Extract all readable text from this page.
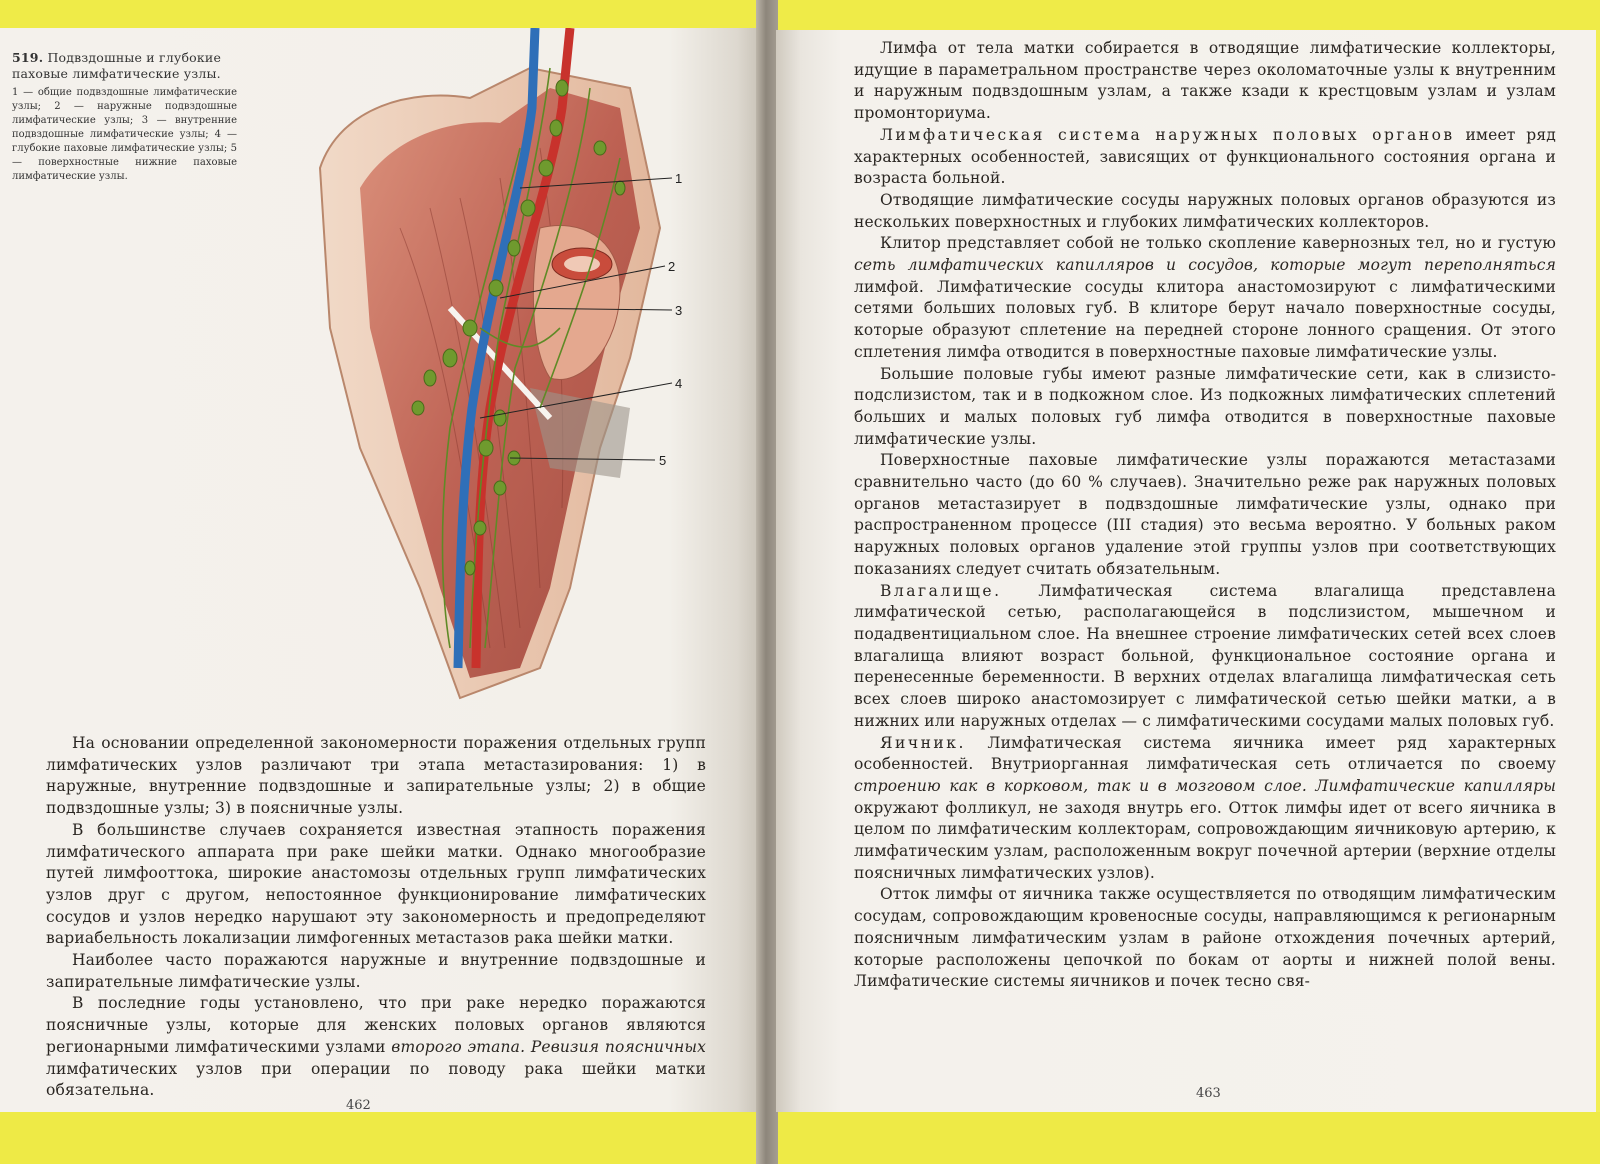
519. Подвздошные и глубокие паховые лимфатические узлы.

1 — общие подвздошные лимфатические узлы; 2 — наружные подвздошные лимфатические узлы; 3 — внутренние подвздошные лимфатические узлы; 4 — глубокие паховые лимфатические узлы; 5 — поверхностные нижние паховые лимфатические узлы.	1
2
3
4
5

На основании определенной закономерности поражения отдельных групп лимфатических узлов различают три этапа метастазирования: 1) в наружные, внутренние подвздошные и запирательные узлы; 2) в общие подвздошные узлы; 3) в поясничные узлы.

В большинстве случаев сохраняется известная этапность поражения лимфатического аппарата при раке шейки матки. Однако многообразие путей лимфооттока, широкие анастомозы отдельных групп лимфатических узлов друг с другом, непостоянное функционирование лимфатических сосудов и узлов нередко нарушают эту закономерность и предопределяют вариабельность локализации лимфогенных метастазов рака шейки матки.

Наиболее часто поражаются наружные и внутренние подвздошные и запирательные лимфатические узлы.

В последние годы установлено, что при раке нередко поражаются поясничные узлы, которые для женских половых органов являются регионарными лимфатическими узлами второго этапа. Ревизия поясничных лимфатических узлов при операции по поводу рака шейки матки обязательна.

462

Лимфа от тела матки собирается в отводящие лимфатические коллекторы, идущие в параметральном пространстве через околоматочные узлы к внутренним и наружным подвздошным узлам, а также кзади к крестцовым узлам и узлам промонториума.

Лимфатическая система наружных половых органов имеет ряд характерных особенностей, зависящих от функционального состояния органа и возраста больной.

Отводящие лимфатические сосуды наружных половых органов образуются из нескольких поверхностных и глубоких лимфатических коллекторов.

Клитор представляет собой не только скопление кавернозных тел, но и густую сеть лимфатических капилляров и сосудов, которые могут переполняться лимфой. Лимфатические сосуды клитора анастомозируют с лимфатическими сетями больших половых губ. В клиторе берут начало поверхностные сосуды, которые образуют сплетение на передней стороне лонного сращения. От этого сплетения лимфа отводится в поверхностные паховые лимфатические узлы.

Большие половые губы имеют разные лимфатические сети, как в слизисто-подслизистом, так и в подкожном слое. Из подкожных лимфатических сплетений больших и малых половых губ лимфа отводится в поверхностные паховые лимфатические узлы.

Поверхностные паховые лимфатические узлы поражаются метастазами сравнительно часто (до 60 % случаев). Значительно реже рак наружных половых органов метастазирует в подвздошные лимфатические узлы, однако при распространенном процессе (III стадия) это весьма вероятно. У больных раком наружных половых органов удаление этой группы узлов при соответствующих показаниях следует считать обязательным.

Влагалище. Лимфатическая система влагалища представлена лимфатической сетью, располагающейся в подслизистом, мышечном и подадвентициальном слое. На внешнее строение лимфатических сетей всех слоев влагалища влияют возраст больной, функциональное состояние органа и перенесенные беременности. В верхних отделах влагалища лимфатическая сеть всех слоев широко анастомозирует с лимфатической сетью шейки матки, а в нижних или наружных отделах — с лимфатическими сосудами малых половых губ.

Яичник. Лимфатическая система яичника имеет ряд характерных особенностей. Внутриорганная лимфатическая сеть отличается по своему строению как в корковом, так и в мозговом слое. Лимфатические капилляры окружают фолликул, не заходя внутрь его. Отток лимфы идет от всего яичника в целом по лимфатическим коллекторам, сопровождающим яичниковую артерию, к лимфатическим узлам, расположенным вокруг почечной артерии (верхние отделы поясничных лимфатических узлов).

Отток лимфы от яичника также осуществляется по отводящим лимфатическим сосудам, сопровождающим кровеносные сосуды, направляющимся к регионарным поясничным лимфатическим узлам в районе отхождения почечных артерий, которые расположены цепочкой по бокам от аорты и нижней полой вены. Лимфатические системы яичников и почек тесно свя-

463
